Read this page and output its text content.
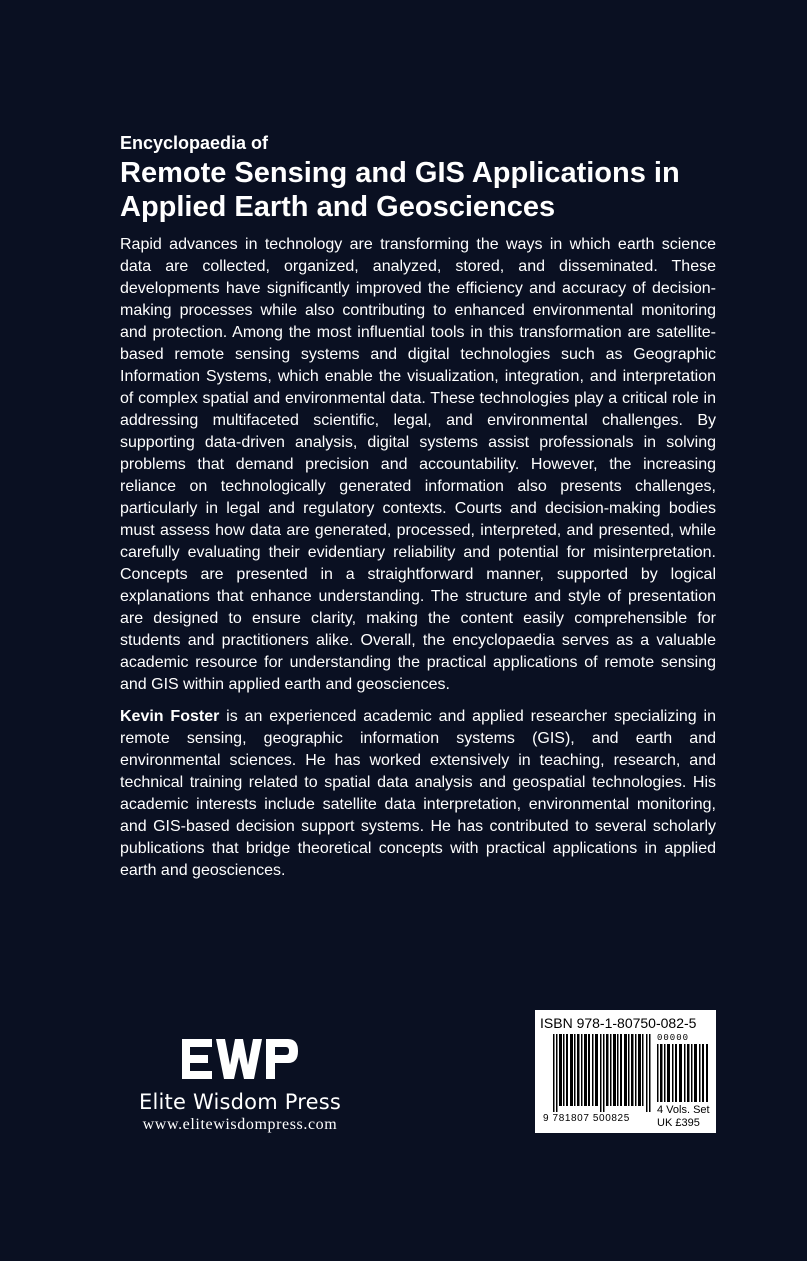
Encyclopaedia of
Remote Sensing and GIS Applications in
Applied Earth and Geosciences

Rapid advances in technology are transforming the ways in which earth science data are collected, organized, analyzed, stored, and disseminated. These developments have significantly improved the efficiency and accuracy of decision-making processes while also contributing to enhanced environmental monitoring and protection. Among the most influential tools in this transformation are satellite-based remote sensing systems and digital technologies such as Geographic Information Systems, which enable the visualization, integration, and interpretation of complex spatial and environmental data. These technologies play a critical role in addressing multifaceted scientific, legal, and environmental challenges. By supporting data-driven analysis, digital systems assist professionals in solving problems that demand precision and accountability. However, the increasing reliance on technologically generated information also presents challenges, particularly in legal and regulatory contexts. Courts and decision-making bodies must assess how data are generated, processed, interpreted, and presented, while carefully evaluating their evidentiary reliability and potential for misinterpretation. Concepts are presented in a straightforward manner, supported by logical explanations that enhance understanding. The structure and style of presentation are designed to ensure clarity, making the content easily comprehensible for students and practitioners alike. Overall, the encyclopaedia serves as a valuable academic resource for understanding the practical applications of remote sensing and GIS within applied earth and geosciences.

Kevin Foster is an experienced academic and applied researcher specializing in remote sensing, geographic information systems (GIS), and earth and environmental sciences. He has worked extensively in teaching, research, and technical training related to spatial data analysis and geospatial technologies. His academic interests include satellite data interpretation, environmental monitoring, and GIS-based decision support systems. He has contributed to several scholarly publications that bridge theoretical concepts with practical applications in applied earth and geosciences.

Elite Wisdom Press
www.elitewisdompress.com
ISBN 978-1-80750-082-5
00000
9 781807 500825
4 Vols. Set
UK £395
